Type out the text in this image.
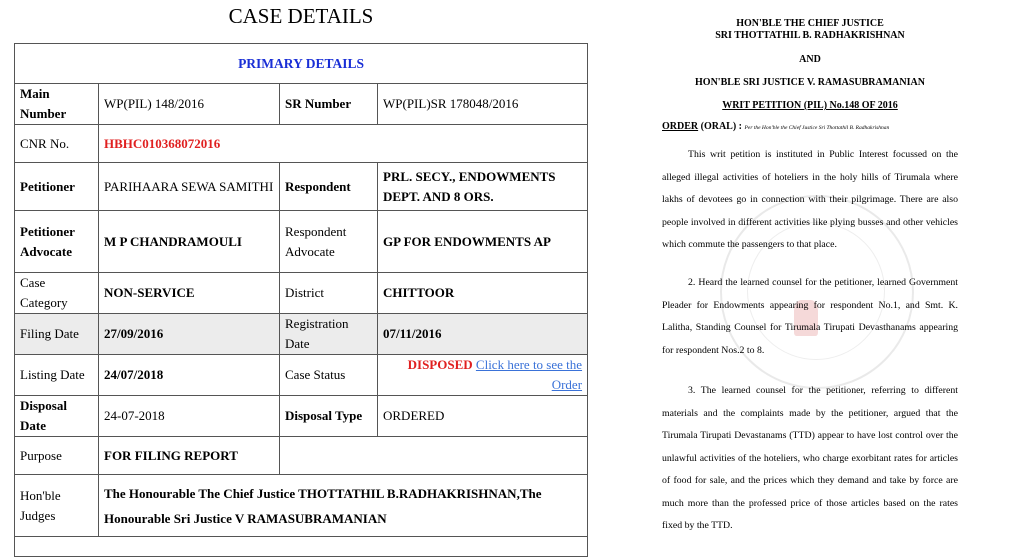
CASE DETAILS
PRIMARY DETAILS			
Main Number	WP(PIL) 148/2016	SR Number	WP(PIL)SR 178048/2016
CNR No.	HBHC010368072016		
Petitioner	PARIHAARA SEWA SAMITHI	Respondent	PRL. SECY., ENDOWMENTS DEPT. AND 8 ORS.
Petitioner Advocate	M P CHANDRAMOULI	Respondent Advocate	GP FOR ENDOWMENTS AP
Case Category	NON-SERVICE	District	CHITTOOR
Filing Date	27/09/2016	Registration Date	07/11/2016
Listing Date	24/07/2018	Case Status	DISPOSED Click here to see the Order
Disposal Date	24-07-2018	Disposal Type	ORDERED
Purpose	FOR FILING REPORT		
Hon'ble Judges	The Honourable The Chief Justice THOTTATHIL B.RADHAKRISHNAN,The Honourable Sri Justice V RAMASUBRAMANIAN		

HON'BLE THE CHIEF JUSTICE
SRI THOTTATHIL B. RADHAKRISHNAN
AND
HON'BLE SRI JUSTICE V. RAMASUBRAMANIAN
WRIT PETITION (PIL) No.148 OF 2016
ORDER (ORAL) : Per the Hon'ble the Chief Justice Sri Thottathil B. Radhakrishnan
This writ petition is instituted in Public Interest focussed on the alleged illegal activities of hoteliers in the holy hills of Tirumala where lakhs of devotees go in connection with their pilgrimage. There are also people involved in different activities like plying busses and other vehicles which commute the passengers to that place.
2. Heard the learned counsel for the petitioner, learned Government Pleader for Endowments appearing for respondent No.1, and Smt. K. Lalitha, Standing Counsel for Tirumala Tirupati Devasthanams appearing for respondent Nos.2 to 8.
3. The learned counsel for the petitioner, referring to different materials and the complaints made by the petitioner, argued that the Tirumala Tirupati Devastanams (TTD) appear to have lost control over the unlawful activities of the hoteliers, who charge exorbitant rates for articles of food for sale, and the prices which they demand and take by force are much more than the professed price of those articles based on the rates fixed by the TTD.
